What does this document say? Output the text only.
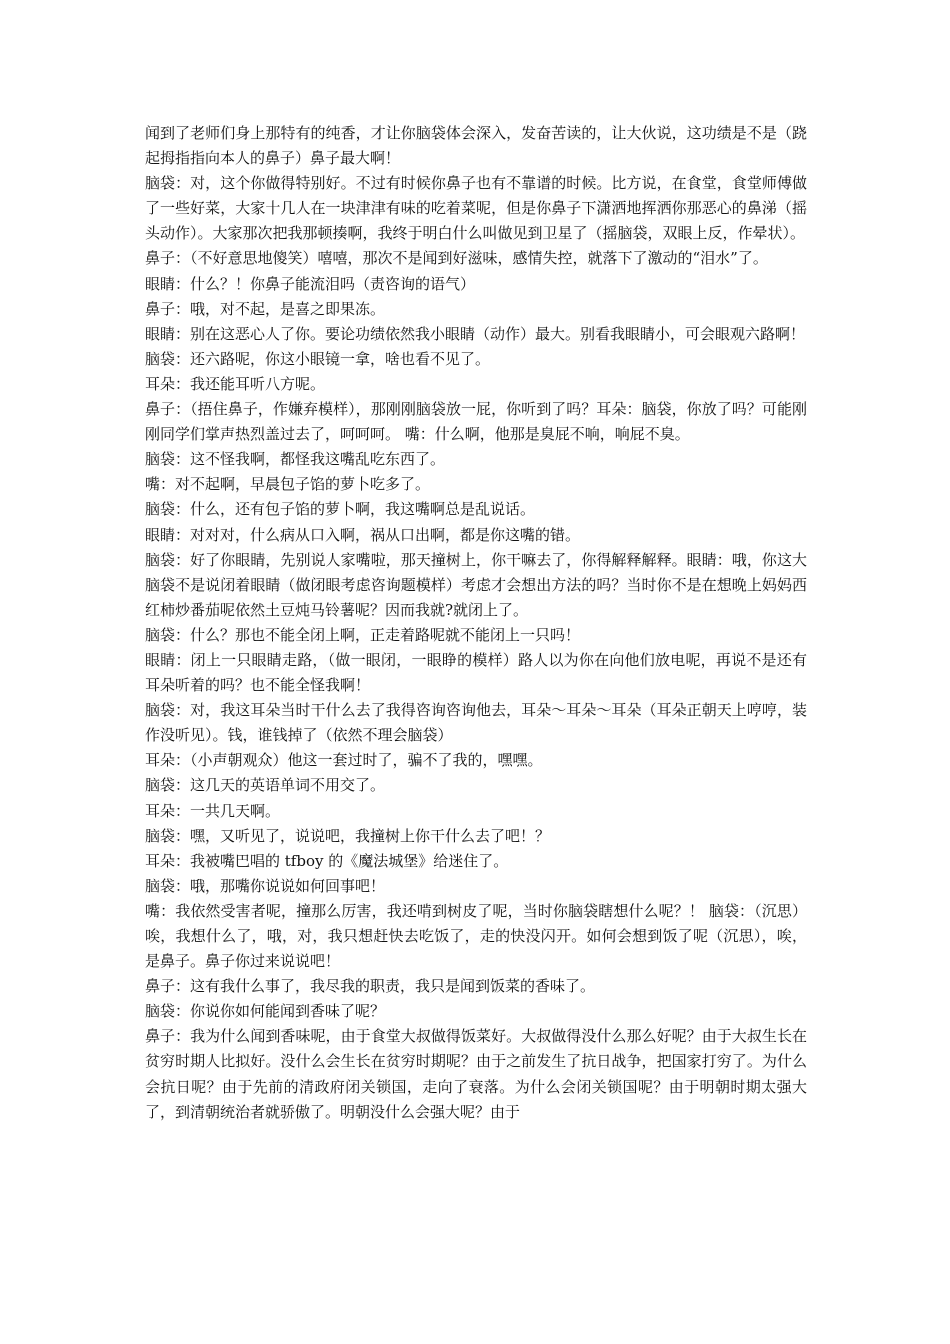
闻到了老师们身上那特有的纯香，才让你脑袋体会深入，发奋苦读的，让大伙说，这功绩是不是（跷起拇指指向本人的鼻子）鼻子最大啊！

脑袋：对，这个你做得特别好。不过有时候你鼻子也有不靠谱的时候。比方说，在食堂，食堂师傅做了一些好菜，大家十几人在一块津津有味的吃着菜呢，但是你鼻子下潇洒地挥洒你那恶心的鼻涕（摇头动作）。大家那次把我那顿揍啊，我终于明白什么叫做见到卫星了（摇脑袋，双眼上反，作晕状）。

鼻子：（不好意思地傻笑）嘻嘻，那次不是闻到好滋味，感情失控，就落下了激动的“泪水”了。

眼睛：什么？！你鼻子能流泪吗（责咨询的语气）

鼻子：哦，对不起，是喜之即果冻。

眼睛：别在这恶心人了你。要论功绩依然我小眼睛（动作）最大。别看我眼睛小，可会眼观六路啊！

脑袋：还六路呢，你这小眼镜一拿，啥也看不见了。

耳朵：我还能耳听八方呢。

鼻子：（捂住鼻子，作嫌弃模样），那刚刚脑袋放一屁，你听到了吗？耳朵：脑袋，你放了吗？可能刚刚同学们掌声热烈盖过去了，呵呵呵。 嘴：什么啊，他那是臭屁不响，响屁不臭。

脑袋：这不怪我啊，都怪我这嘴乱吃东西了。

嘴：对不起啊，早晨包子馅的萝卜吃多了。

脑袋：什么，还有包子馅的萝卜啊，我这嘴啊总是乱说话。

眼睛：对对对，什么病从口入啊，祸从口出啊，都是你这嘴的错。

脑袋：好了你眼睛，先别说人家嘴啦，那天撞树上，你干嘛去了，你得解释解释。眼睛：哦，你这大脑袋不是说闭着眼睛（做闭眼考虑咨询题模样）考虑才会想出方法的吗？当时你不是在想晚上妈妈西红柿炒番茄呢依然土豆炖马铃薯呢？因而我就?就闭上了。

脑袋：什么？那也不能全闭上啊，正走着路呢就不能闭上一只吗！

眼睛：闭上一只眼睛走路，（做一眼闭，一眼睁的模样）路人以为你在向他们放电呢，再说不是还有耳朵听着的吗？也不能全怪我啊！

脑袋：对，我这耳朵当时干什么去了我得咨询咨询他去，耳朵～耳朵～耳朵（耳朵正朝天上哼哼，装作没听见）。钱，谁钱掉了（依然不理会脑袋）

耳朵：（小声朝观众）他这一套过时了，骗不了我的，嘿嘿。

脑袋：这几天的英语单词不用交了。

耳朵：一共几天啊。

脑袋：嘿，又听见了，说说吧，我撞树上你干什么去了吧！？

耳朵：我被嘴巴唱的 tfboy 的《魔法城堡》给迷住了。

脑袋：哦，那嘴你说说如何回事吧！

嘴：我依然受害者呢，撞那么厉害，我还啃到树皮了呢，当时你脑袋瞎想什么呢？！ 脑袋：（沉思）唉，我想什么了，哦，对，我只想赶快去吃饭了，走的快没闪开。如何会想到饭了呢（沉思），唉，是鼻子。鼻子你过来说说吧！

鼻子：这有我什么事了，我尽我的职责，我只是闻到饭菜的香味了。

脑袋：你说你如何能闻到香味了呢？

鼻子：我为什么闻到香味呢，由于食堂大叔做得饭菜好。大叔做得没什么那么好呢？由于大叔生长在贫穷时期人比拟好。没什么会生长在贫穷时期呢？由于之前发生了抗日战争，把国家打穷了。为什么会抗日呢？由于先前的清政府闭关锁国，走向了衰落。为什么会闭关锁国呢？由于明朝时期太强大了，到清朝统治者就骄傲了。明朝没什么会强大呢？由于
